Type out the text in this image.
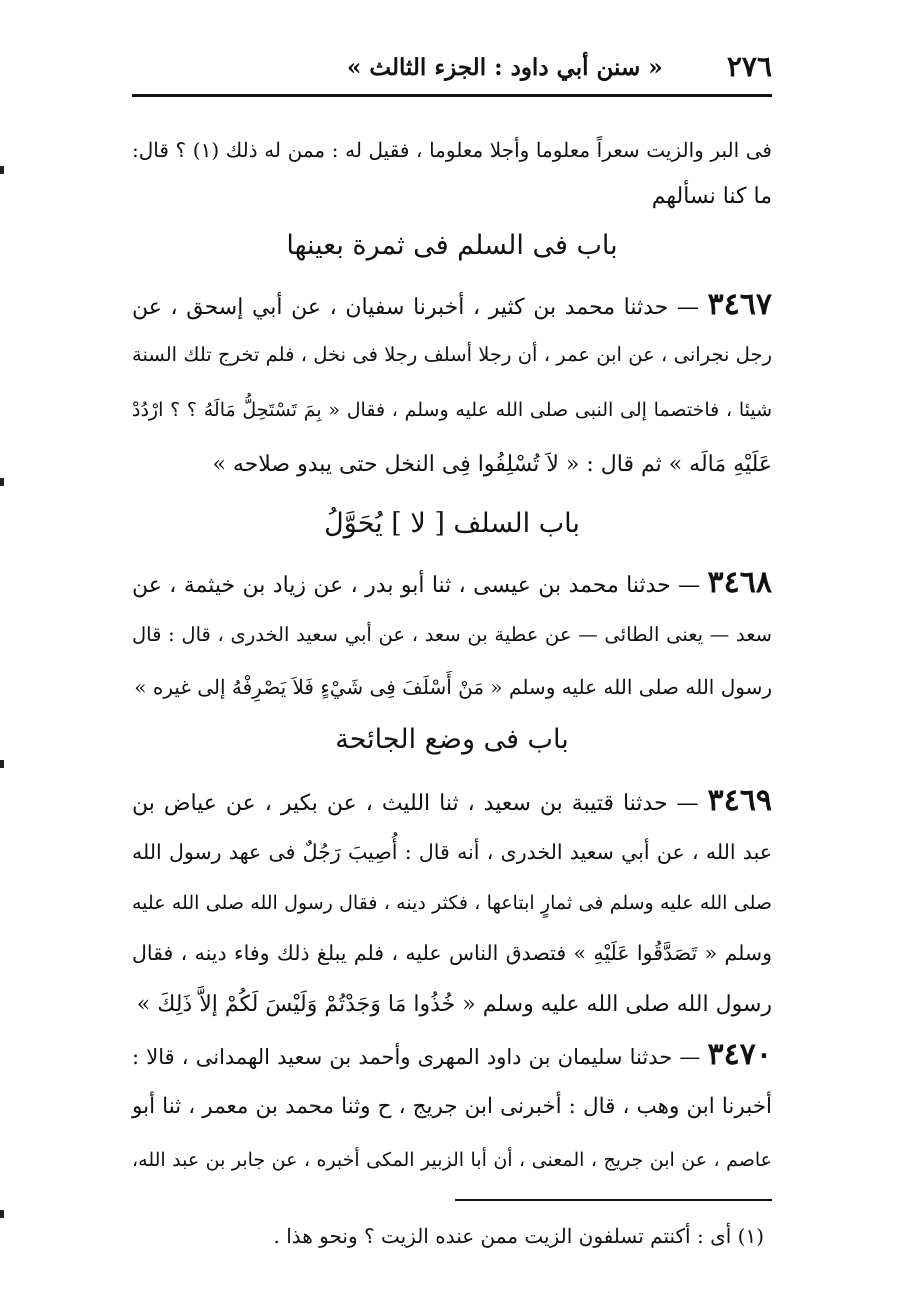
٢٧٦
« سنن أبي داود : الجزء الثالث »
فى البر والزيت سعراً معلوما وأجلا معلوما ، فقيل له : ممن له ذلك (١) ؟ قال:
ما كنا نسألهم
باب فى السلم فى ثمرة بعينها
٣٤٦٧ — حدثنا محمد بن كثير ، أخبرنا سفيان ، عن أبي إسحق ، عن
رجل نجرانى ، عن ابن عمر ، أن رجلا أسلف رجلا فى نخل ، فلم تخرج تلك السنة
شيئا ، فاختصما إلى النبى صلى الله عليه وسلم ، فقال « بِمَ تَسْتَحِلُّ مَالَهُ ؟ ؟ ارْدُدْ
عَلَيْهِ مَالَه » ثم قال : « لاَ تُسْلِفُوا فِى النخل حتى يبدو صلاحه »
باب السلف [ لا ] يُحَوَّلُ
٣٤٦٨ — حدثنا محمد بن عيسى ، ثنا أبو بدر ، عن زياد بن خيثمة ، عن
سعد — يعنى الطائى — عن عطية بن سعد ، عن أبي سعيد الخدرى ، قال : قال
رسول الله صلى الله عليه وسلم « مَنْ أَسْلَفَ فِى شَيْءٍ فَلاَ يَصْرِفْهُ إلى غيره »
باب فى وضع الجائحة
٣٤٦٩ — حدثنا قتيبة بن سعيد ، ثنا الليث ، عن بكير ، عن عياض بن
عبد الله ، عن أبي سعيد الخدرى ، أنه قال : أُصِيبَ رَجُلٌ فى عهد رسول الله
صلى الله عليه وسلم فى ثمارٍ ابتاعها ، فكثر دينه ، فقال رسول الله صلى الله عليه
وسلم « تَصَدَّقُوا عَلَيْهِ » فتصدق الناس عليه ، فلم يبلغ ذلك وفاء دينه ، فقال
رسول الله صلى الله عليه وسلم « خُذُوا مَا وَجَدْتُمْ وَلَيْسَ لَكُمْ إلاَّ ذَلِكَ »
٣٤٧٠ — حدثنا سليمان بن داود المهرى وأحمد بن سعيد الهمدانى ، قالا :
أخبرنا ابن وهب ، قال : أخبرنى ابن جريج ، ح وثنا محمد بن معمر ، ثنا أبو
عاصم ، عن ابن جريج ، المعنى ، أن أبا الزبير المكى أخبره ، عن جابر بن عبد الله،
(١) أى : أكنتم تسلفون الزيت ممن عنده الزيت ؟ ونحو هذا .
